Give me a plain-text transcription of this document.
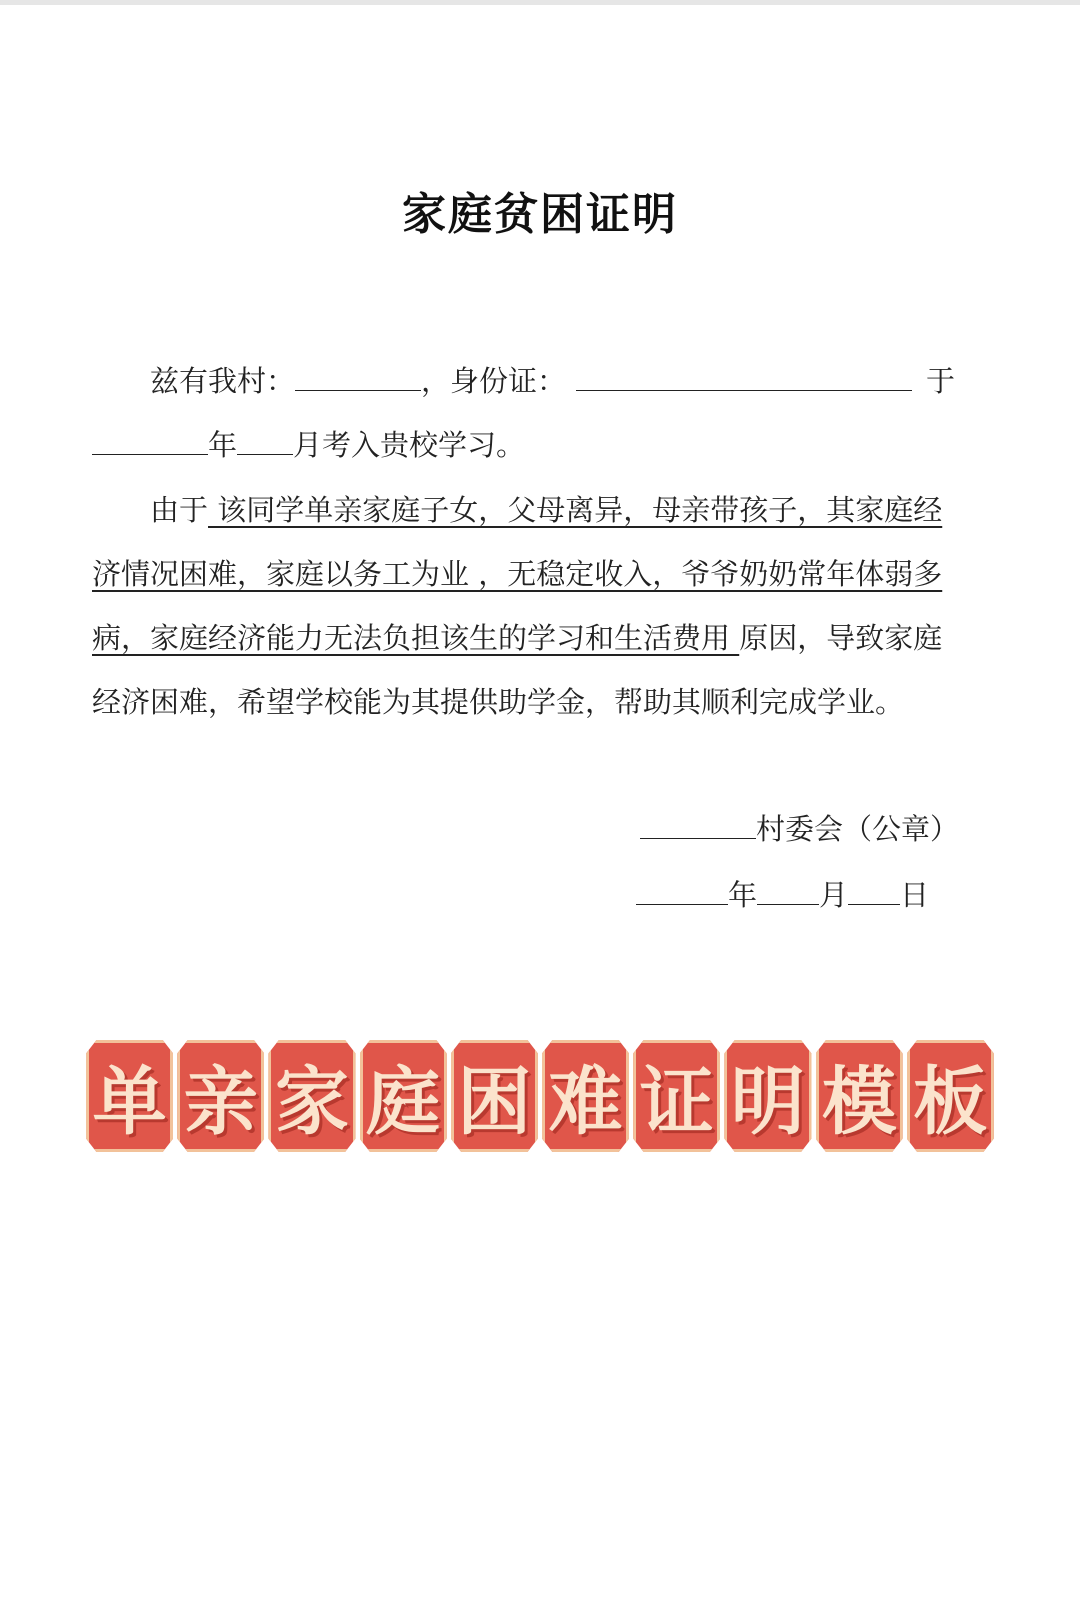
家庭贫困证明
兹有我村：	，身份证：	于
年 月考入贵校学习。
由于 该同学单亲家庭子女，父母离异，母亲带孩子，其家庭经
济情况困难，家庭以务工为业 ，无稳定收入，爷爷奶奶常年体弱多
病，家庭经济能力无法负担该生的学习和生活费用 原因，导致家庭
经济困难，希望学校能为其提供助学金，帮助其顺利完成学业。
村委会（公章）
年 月 日
单 亲 家 庭 困 难 证 明 模 板
